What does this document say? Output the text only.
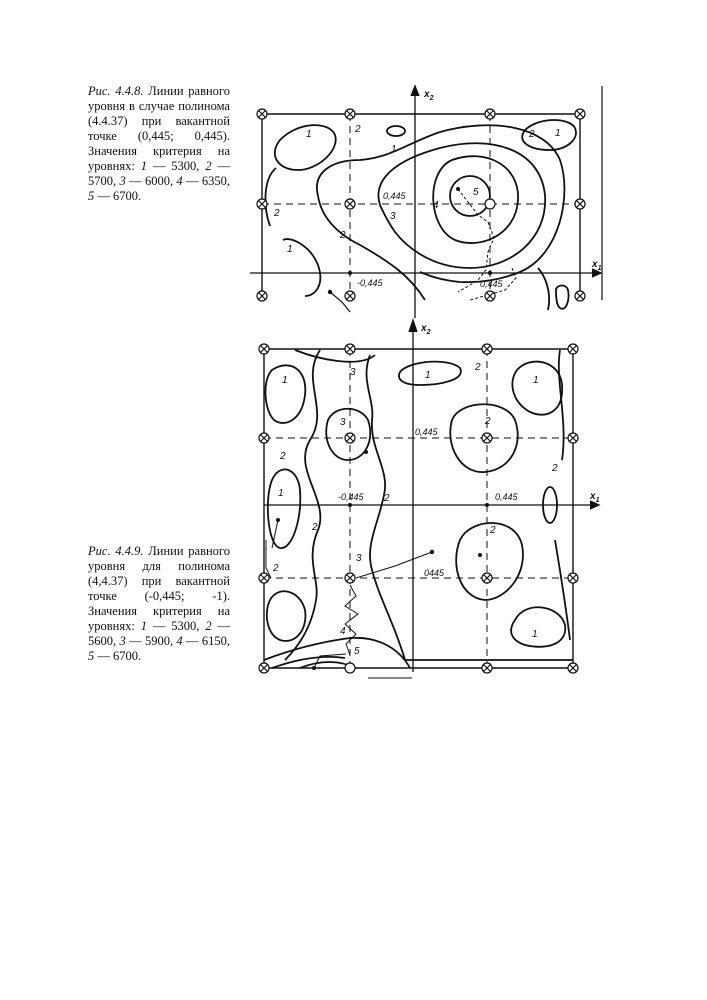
Рис. 4.4.8. Линии равного уровня в случае полинома (4.4.37) при вакантной точке (0,445; 0,445). Значения критерия на уровнях: 1 — 5300, 2 — 5700, 3 — 6000, 4 — 6350, 5 — 6700.
Рис. 4.4.9. Линии равного уровня для полинома (4,4.37) при вакантной точке (-0,445; -1). Значения критерия на уровнях: 1 — 5300, 2 — 5600, 3 — 5900, 4 — 6150, 5 — 6700.
$x_2$
$x_1$
0,445
-0,445	0,445
1	1
1
1
2	2
2
2
3
4
5
$x_2$
$x_1$
0,445
-0,445	0,445
0445
1	1	1
1
1
2
2
2
2
2
2
2
2
3
3
3
4
5
